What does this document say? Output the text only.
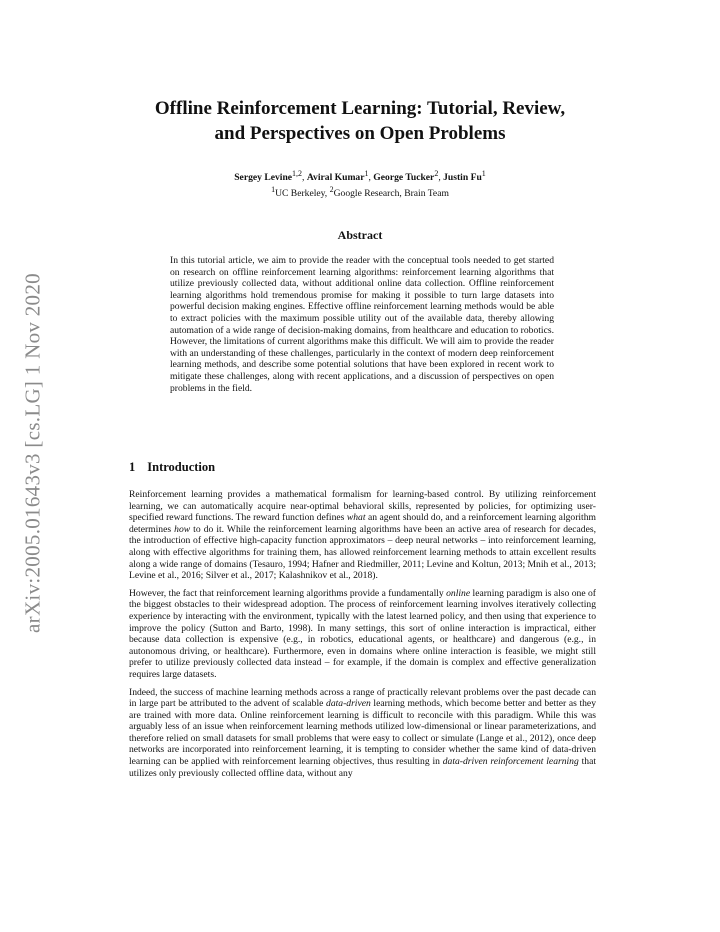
arXiv:2005.01643v3 [cs.LG] 1 Nov 2020
Offline Reinforcement Learning: Tutorial, Review,
and Perspectives on Open Problems
Sergey Levine$^{1,2}$, Aviral Kumar$^1$, George Tucker$^2$, Justin Fu$^1$
$^1$UC Berkeley, $^2$Google Research, Brain Team
Abstract

In this tutorial article, we aim to provide the reader with the conceptual tools needed to get started on research on offline reinforcement learning algorithms: reinforcement learning algorithms that utilize previously collected data, without additional online data collection. Offline reinforcement learning algorithms hold tremendous promise for making it possible to turn large datasets into powerful decision making engines. Effective offline reinforcement learning methods would be able to extract policies with the maximum possible utility out of the available data, thereby allowing automation of a wide range of decision-making domains, from healthcare and education to robotics. However, the limitations of current algorithms make this difficult. We will aim to provide the reader with an understanding of these challenges, particularly in the context of modern deep reinforcement learning methods, and describe some potential solutions that have been explored in recent work to mitigate these challenges, along with recent applications, and a discussion of perspectives on open problems in the field.

1 Introduction

Reinforcement learning provides a mathematical formalism for learning-based control. By utilizing reinforcement learning, we can automatically acquire near-optimal behavioral skills, represented by policies, for optimizing user-specified reward functions. The reward function defines what an agent should do, and a reinforcement learning algorithm determines how to do it. While the reinforcement learning algorithms have been an active area of research for decades, the introduction of effective high-capacity function approximators – deep neural networks – into reinforcement learning, along with effective algorithms for training them, has allowed reinforcement learning methods to attain excellent results along a wide range of domains (Tesauro, 1994; Hafner and Riedmiller, 2011; Levine and Koltun, 2013; Mnih et al., 2013; Levine et al., 2016; Silver et al., 2017; Kalashnikov et al., 2018).

However, the fact that reinforcement learning algorithms provide a fundamentally online learning paradigm is also one of the biggest obstacles to their widespread adoption. The process of reinforcement learning involves iteratively collecting experience by interacting with the environment, typically with the latest learned policy, and then using that experience to improve the policy (Sutton and Barto, 1998). In many settings, this sort of online interaction is impractical, either because data collection is expensive (e.g., in robotics, educational agents, or healthcare) and dangerous (e.g., in autonomous driving, or healthcare). Furthermore, even in domains where online interaction is feasible, we might still prefer to utilize previously collected data instead – for example, if the domain is complex and effective generalization requires large datasets.

Indeed, the success of machine learning methods across a range of practically relevant problems over the past decade can in large part be attributed to the advent of scalable data-driven learning methods, which become better and better as they are trained with more data. Online reinforcement learning is difficult to reconcile with this paradigm. While this was arguably less of an issue when reinforcement learning methods utilized low-dimensional or linear parameterizations, and therefore relied on small datasets for small problems that were easy to collect or simulate (Lange et al., 2012), once deep networks are incorporated into reinforcement learning, it is tempting to consider whether the same kind of data-driven learning can be applied with reinforcement learning objectives, thus resulting in data-driven reinforcement learning that utilizes only previously collected offline data, without any
